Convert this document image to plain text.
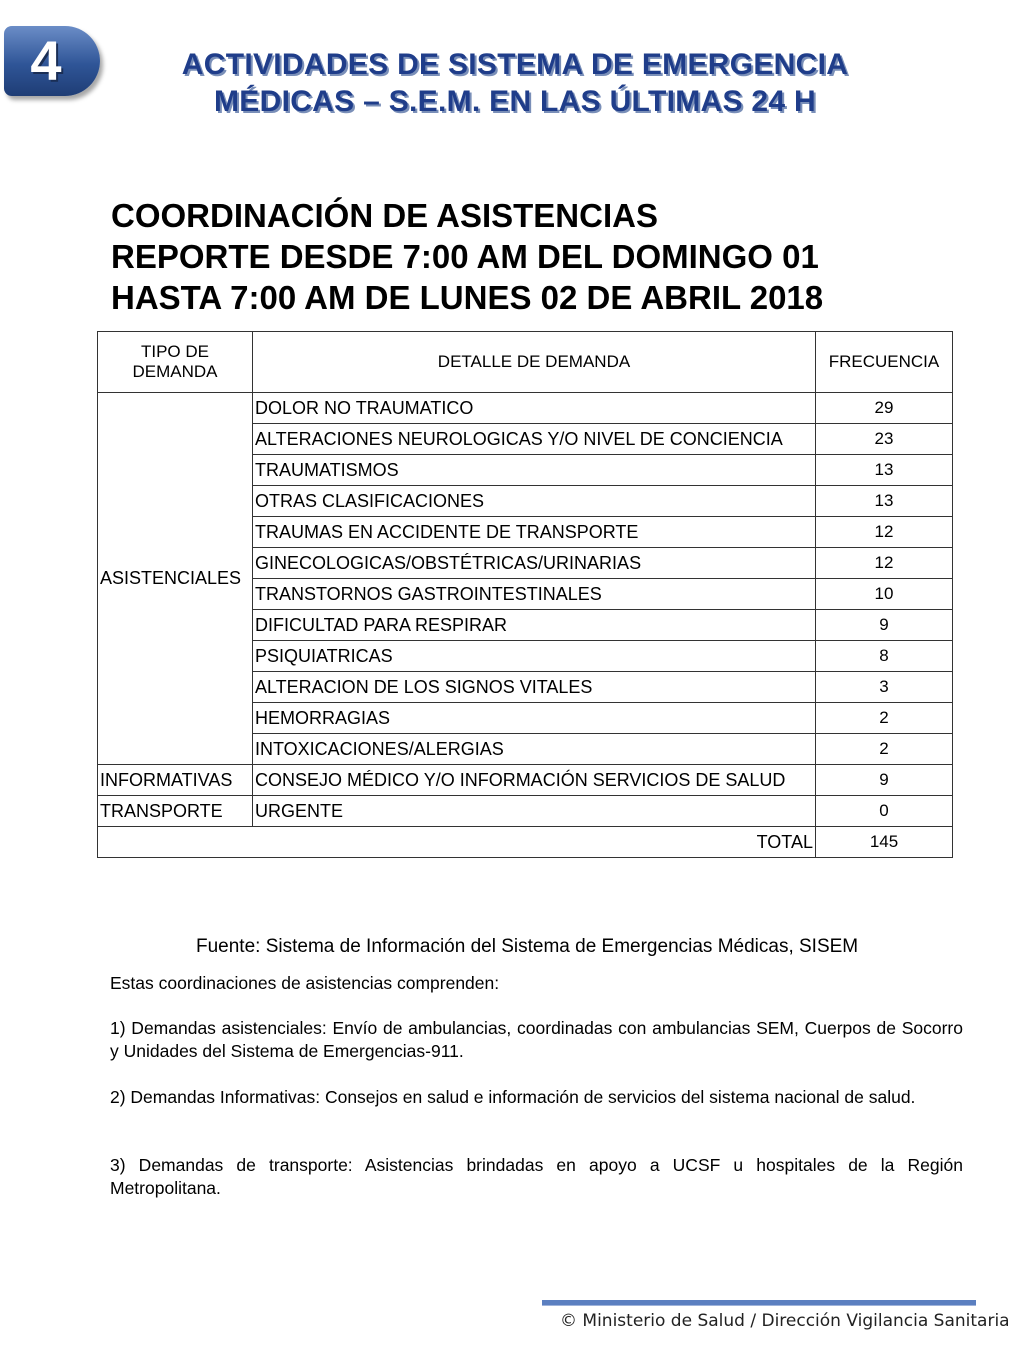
4	ACTIVIDADES DE SISTEMA DE EMERGENCIA
MÉDICAS – S.E.M. EN LAS ÚLTIMAS 24 H
COORDINACIÓN DE ASISTENCIAS
REPORTE DESDE 7:00 AM DEL DOMINGO 01
HASTA 7:00 AM DE LUNES 02 DE ABRIL 2018
TIPO DE DEMANDA	DETALLE DE DEMANDA	FRECUENCIA
ASISTENCIALES	DOLOR NO TRAUMATICO	29
	ALTERACIONES NEUROLOGICAS Y/O NIVEL DE CONCIENCIA	23
	TRAUMATISMOS	13
	OTRAS CLASIFICACIONES	13
	TRAUMAS EN ACCIDENTE DE TRANSPORTE	12
	GINECOLOGICAS/OBSTÉTRICAS/URINARIAS	12
	TRANSTORNOS GASTROINTESTINALES	10
	DIFICULTAD PARA RESPIRAR	9
	PSIQUIATRICAS	8
	ALTERACION DE LOS SIGNOS VITALES	3
	HEMORRAGIAS	2
	INTOXICACIONES/ALERGIAS	2
INFORMATIVAS	CONSEJO MÉDICO Y/O INFORMACIÓN SERVICIOS DE SALUD	9
TRANSPORTE	URGENTE	0
TOTAL		145
Fuente: Sistema de Información del Sistema de Emergencias Médicas, SISEM
Estas coordinaciones de asistencias comprenden:
1) Demandas asistenciales: Envío de ambulancias, coordinadas con ambulancias SEM, Cuerpos de Socorro y Unidades del Sistema de Emergencias-911.
2) Demandas Informativas: Consejos en salud e información de servicios del sistema nacional de salud.
3) Demandas de transporte: Asistencias brindadas en apoyo a UCSF u hospitales de la Región Metropolitana.
© Ministerio de Salud / Dirección Vigilancia Sanitaria
